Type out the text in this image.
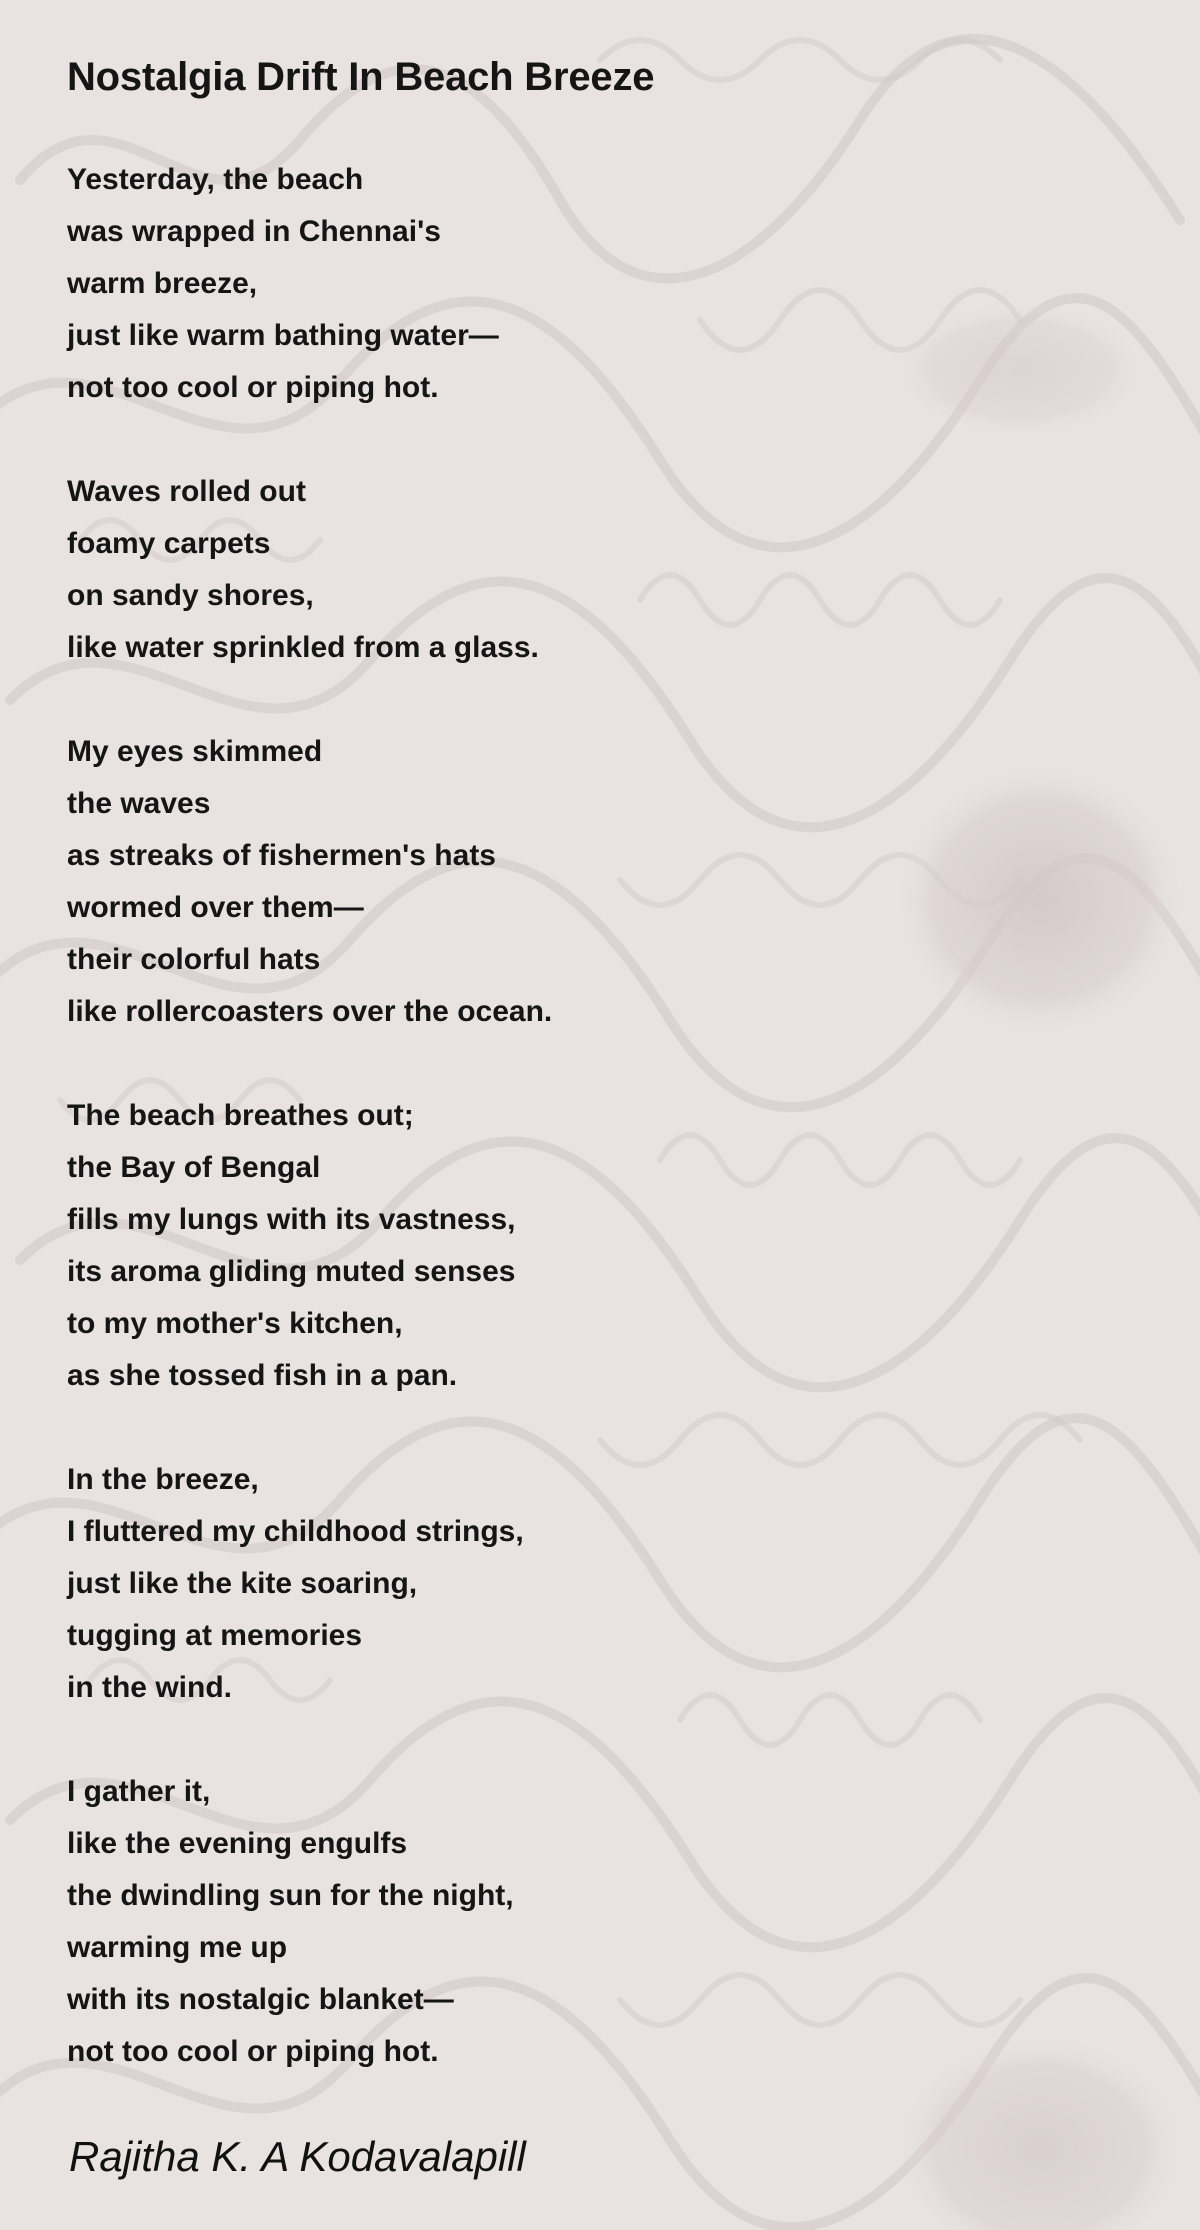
Nostalgia Drift In Beach Breeze

Yesterday, the beach
was wrapped in Chennai's
warm breeze,
just like warm bathing water—
not too cool or piping hot.

Waves rolled out
foamy carpets
on sandy shores,
like water sprinkled from a glass.

My eyes skimmed
the waves
as streaks of fishermen's hats
wormed over them—
their colorful hats
like rollercoasters over the ocean.

The beach breathes out;
the Bay of Bengal
fills my lungs with its vastness,
its aroma gliding muted senses
to my mother's kitchen,
as she tossed fish in a pan.

In the breeze,
I fluttered my childhood strings,
just like the kite soaring,
tugging at memories
in the wind.

I gather it,
like the evening engulfs
the dwindling sun for the night,
warming me up
with its nostalgic blanket—
not too cool or piping hot.

Rajitha K. A Kodavalapill
